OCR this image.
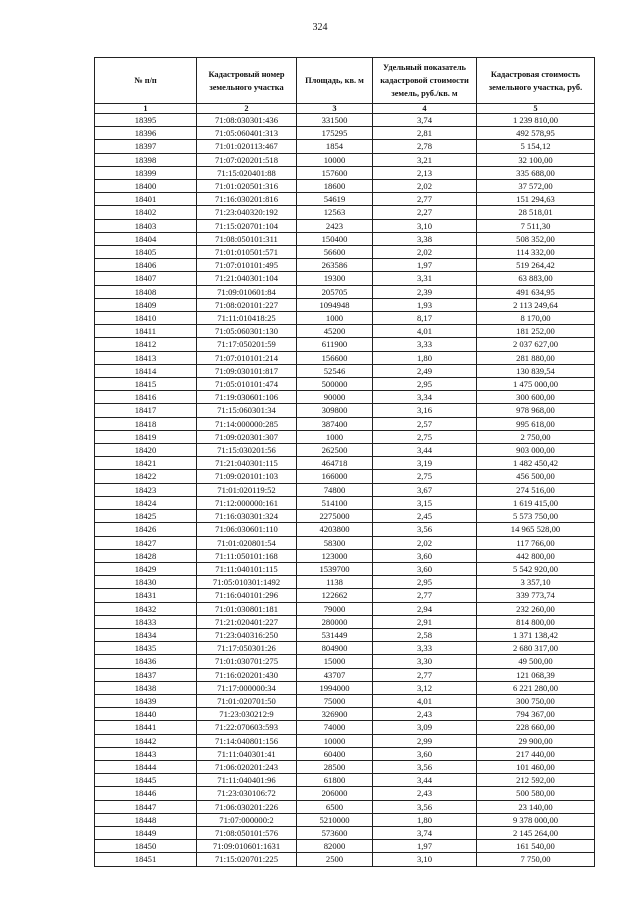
324
№ п/п	Кадастровый номер земельного участка	Площадь, кв. м	Удельный показатель кадастровой стоимости земель, руб./кв. м	Кадастровая стоимость земельного участка, руб.
1	2	3	4	5
18395	71:08:030301:436	331500	3,74	1 239 810,00
18396	71:05:060401:313	175295	2,81	492 578,95
18397	71:01:020113:467	1854	2,78	5 154,12
18398	71:07:020201:518	10000	3,21	32 100,00
18399	71:15:020401:88	157600	2,13	335 688,00
18400	71:01:020501:316	18600	2,02	37 572,00
18401	71:16:030201:816	54619	2,77	151 294,63
18402	71:23:040320:192	12563	2,27	28 518,01
18403	71:15:020701:104	2423	3,10	7 511,30
18404	71:08:050101:311	150400	3,38	508 352,00
18405	71:01:010501:571	56600	2,02	114 332,00
18406	71:07:010101:495	263586	1,97	519 264,42
18407	71:21:040301:104	19300	3,31	63 883,00
18408	71:09:010601:84	205705	2,39	491 634,95
18409	71:08:020101:227	1094948	1,93	2 113 249,64
18410	71:11:010418:25	1000	8,17	8 170,00
18411	71:05:060301:130	45200	4,01	181 252,00
18412	71:17:050201:59	611900	3,33	2 037 627,00
18413	71:07:010101:214	156600	1,80	281 880,00
18414	71:09:030101:817	52546	2,49	130 839,54
18415	71:05:010101:474	500000	2,95	1 475 000,00
18416	71:19:030601:106	90000	3,34	300 600,00
18417	71:15:060301:34	309800	3,16	978 968,00
18418	71:14:000000:285	387400	2,57	995 618,00
18419	71:09:020301:307	1000	2,75	2 750,00
18420	71:15:030201:56	262500	3,44	903 000,00
18421	71:21:040301:115	464718	3,19	1 482 450,42
18422	71:09:020101:103	166000	2,75	456 500,00
18423	71:01:020119:52	74800	3,67	274 516,00
18424	71:12:000000:161	514100	3,15	1 619 415,00
18425	71:16:030301:324	2275000	2,45	5 573 750,00
18426	71:06:030601:110	4203800	3,56	14 965 528,00
18427	71:01:020801:54	58300	2,02	117 766,00
18428	71:11:050101:168	123000	3,60	442 800,00
18429	71:11:040101:115	1539700	3,60	5 542 920,00
18430	71:05:010301:1492	1138	2,95	3 357,10
18431	71:16:040101:296	122662	2,77	339 773,74
18432	71:01:030801:181	79000	2,94	232 260,00
18433	71:21:020401:227	280000	2,91	814 800,00
18434	71:23:040316:250	531449	2,58	1 371 138,42
18435	71:17:050301:26	804900	3,33	2 680 317,00
18436	71:01:030701:275	15000	3,30	49 500,00
18437	71:16:020201:430	43707	2,77	121 068,39
18438	71:17:000000:34	1994000	3,12	6 221 280,00
18439	71:01:020701:50	75000	4,01	300 750,00
18440	71:23:030212:9	326900	2,43	794 367,00
18441	71:22:070603:593	74000	3,09	228 660,00
18442	71:14:040801:156	10000	2,99	29 900,00
18443	71:11:040301:41	60400	3,60	217 440,00
18444	71:06:020201:243	28500	3,56	101 460,00
18445	71:11:040401:96	61800	3,44	212 592,00
18446	71:23:030106:72	206000	2,43	500 580,00
18447	71:06:030201:226	6500	3,56	23 140,00
18448	71:07:000000:2	5210000	1,80	9 378 000,00
18449	71:08:050101:576	573600	3,74	2 145 264,00
18450	71:09:010601:1631	82000	1,97	161 540,00
18451	71:15:020701:225	2500	3,10	7 750,00
